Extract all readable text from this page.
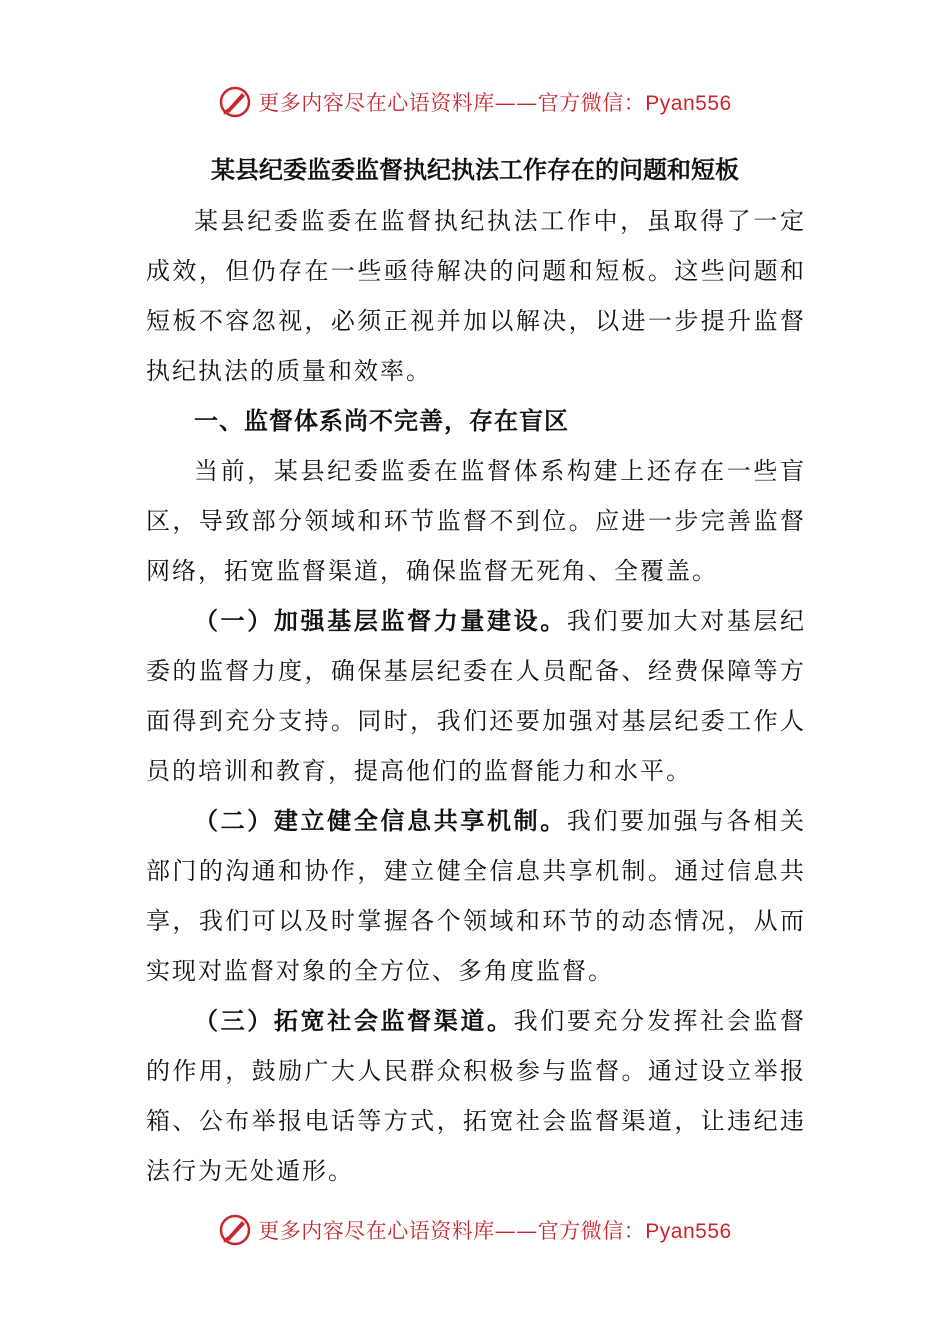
更多内容尽在心语资料库——官方微信：Pyan556
某县纪委监委监督执纪执法工作存在的问题和短板

某县纪委监委在监督执纪执法工作中，虽取得了一定成效，但仍存在一些亟待解决的问题和短板。这些问题和短板不容忽视，必须正视并加以解决，以进一步提升监督执纪执法的质量和效率。

一、监督体系尚不完善，存在盲区

当前，某县纪委监委在监督体系构建上还存在一些盲区，导致部分领域和环节监督不到位。应进一步完善监督网络，拓宽监督渠道，确保监督无死角、全覆盖。

（一）加强基层监督力量建设。我们要加大对基层纪委的监督力度，确保基层纪委在人员配备、经费保障等方面得到充分支持。同时，我们还要加强对基层纪委工作人员的培训和教育，提高他们的监督能力和水平。

（二）建立健全信息共享机制。我们要加强与各相关部门的沟通和协作，建立健全信息共享机制。通过信息共享，我们可以及时掌握各个领域和环节的动态情况，从而实现对监督对象的全方位、多角度监督。

（三）拓宽社会监督渠道。我们要充分发挥社会监督的作用，鼓励广大人民群众积极参与监督。通过设立举报箱、公布举报电话等方式，拓宽社会监督渠道，让违纪违法行为无处遁形。

更多内容尽在心语资料库——官方微信：Pyan556
